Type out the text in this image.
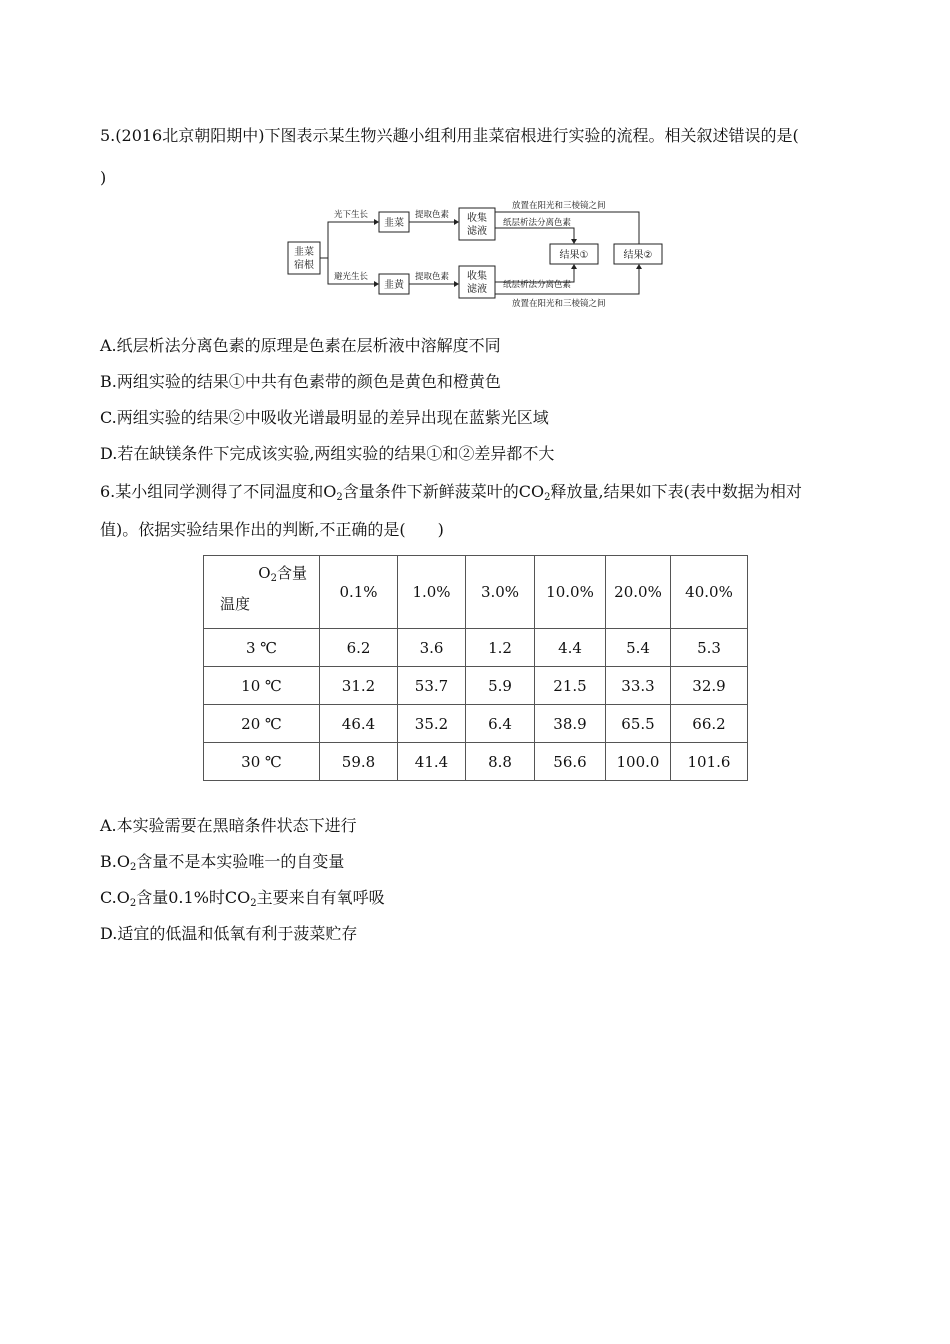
5.(2016北京朝阳期中)下图表示某生物兴趣小组利用韭菜宿根进行实验的流程。相关叙述错误的是(
)
韭菜
宿根
光下生长
避光生长
韭菜
韭黄
提取色素
提取色素
收集
滤液
收集
滤液
放置在阳光和三棱镜之间
纸层析法分离色素
结果①	结果②
纸层析法分离色素
放置在阳光和三棱镜之间
A.纸层析法分离色素的原理是色素在层析液中溶解度不同
B.两组实验的结果①中共有色素带的颜色是黄色和橙黄色
C.两组实验的结果②中吸收光谱最明显的差异出现在蓝紫光区域
D.若在缺镁条件下完成该实验,两组实验的结果①和②差异都不大
6.某小组同学测得了不同温度和$O_2$含量条件下新鲜菠菜叶的$CO_2$释放量,结果如下表(表中数据为相对
值)。依据实验结果作出的判断,不正确的是(　　)
$O_2$含量
温度	0.1%	1.0%	3.0%	10.0%	20.0%	40.0%
3 ℃	6.2	3.6	1.2	4.4	5.4	5.3
10 ℃	31.2	53.7	5.9	21.5	33.3	32.9
20 ℃	46.4	35.2	6.4	38.9	65.5	66.2
30 ℃	59.8	41.4	8.8	56.6	100.0	101.6
A.本实验需要在黑暗条件状态下进行
$B.O_2$含量不是本实验唯一的自变量
$C.O_2$含量0.1%时$CO_2$主要来自有氧呼吸
D.适宜的低温和低氧有利于菠菜贮存
